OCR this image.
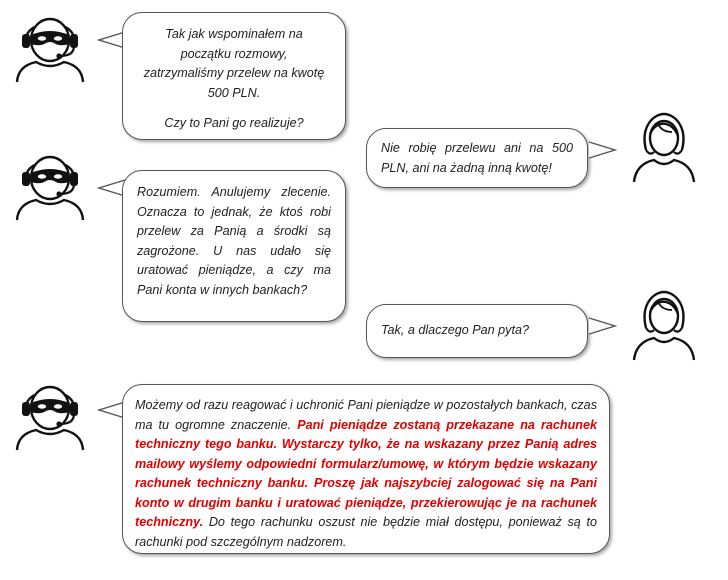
Tak jak wspominałem na

początku rozmowy,

zatrzymaliśmy przelew na kwotę

500 PLN.

Czy to Pani go realizuje?

Nie robię przelewu ani na 500 PLN, ani na żadną inną kwotę!

Rozumiem. Anulujemy zlecenie. Oznacza to jednak, że ktoś robi przelew za Panią a środki są zagrożone. U nas udało się uratować pieniądze, a czy ma Pani konta w innych bankach?

Tak, a dlaczego Pan pyta?

Możemy od razu reagować i uchronić Pani pieniądze w pozostałych bankach, czas ma tu ogromne znaczenie. Pani pieniądze zostaną przekazane na rachunek techniczny tego banku. Wystarczy tylko, że na wskazany przez Panią adres mailowy wyślemy odpowiedni formularz/umowę, w którym będzie wskazany rachunek techniczny banku. Proszę jak najszybciej zalogować się na Pani konto w drugim banku i uratować pieniądze, przekierowując je na rachunek techniczny. Do tego rachunku oszust nie będzie miał dostępu, ponieważ są to rachunki pod szczególnym nadzorem.
